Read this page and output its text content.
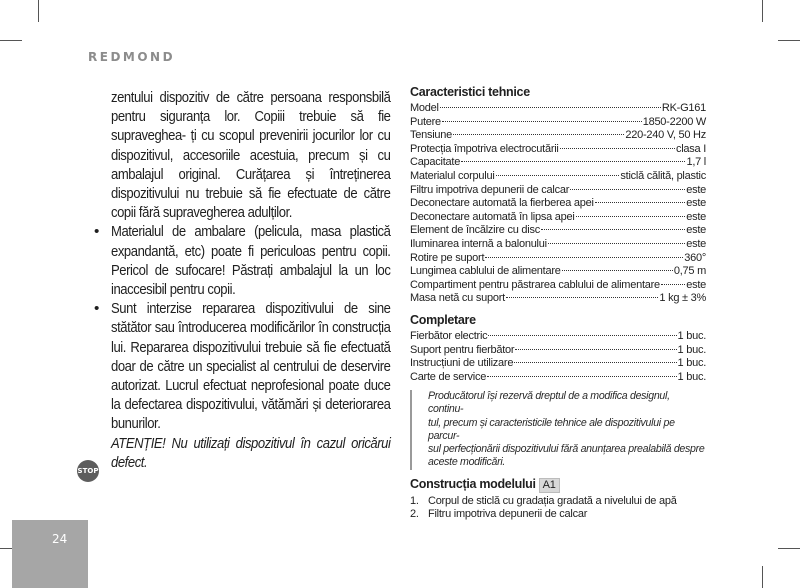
REDMOND

zentului dispozitiv de către persoana responsbilă pentru siguranța lor. Copiii trebuie să fie supraveghea- ți cu scopul prevenirii jocurilor lor cu dispozitivul, accesoriile acestuia, precum și cu ambalajul original. Curățarea și întreținerea dispozitivului nu trebuie să fie efectuate de către copii fără supravegherea adulților.

• Materialul de ambalare (pelicula, masa plastică expandantă, etc) poate fi periculoas pentru copii. Pericol de sufocare! Păstrați ambalajul la un loc inaccesibil pentru copii.

• Sunt interzise repararea dispozitivului de sine stătător sau întroducerea modificărilor în construcția lui. Repararea dispozitivului trebuie să fie efectuată doar de către un specialist al centrului de deservire autorizat. Lucrul efectuat neprofesional poate duce la defectarea dispozitivului, vătămări și deteriorarea bunurilor.

ATENȚIE! Nu utilizați dispozitivul în cazul oricărui defect.

STOP
Caracteristici tehnice
Model	RK-G161
Putere	1850-2200 W
Tensiune	220-240 V, 50 Hz
Protecția împotriva electrocutării	clasa I
Capacitate	1,7 l
Materialul corpului	sticlă călită, plastic
Filtru impotriva depunerii de calcar	este
Deconectare automată la fierberea apei	este
Deconectare automată în lipsa apei	este
Element de încălzire cu disc	este
Iluminarea internă a balonului	este
Rotire pe suport	360°
Lungimea cablului de alimentare	0,75 m
Compartiment pentru păstrarea cablului de alimentare este
Masa netă cu suport	1 kg ± 3%
Completare
Fierbător electric	1 buc.
Suport pentru fierbător	1 buc.
Instrucțiuni de utilizare	1 buc.
Carte de service	1 buc.
Producătorul își rezervă dreptul de a modifica designul, continu-
tul, precum și caracteristicile tehnice ale dispozitivului pe parcur-
sul perfecționării dispozitivului fără anunțarea prealabilă despre
aceste modificări.
Construcția modelului A1
1. Corpul de sticlă cu gradația gradată a nivelului de apă
2. Filtru impotriva depunerii de calcar
24
